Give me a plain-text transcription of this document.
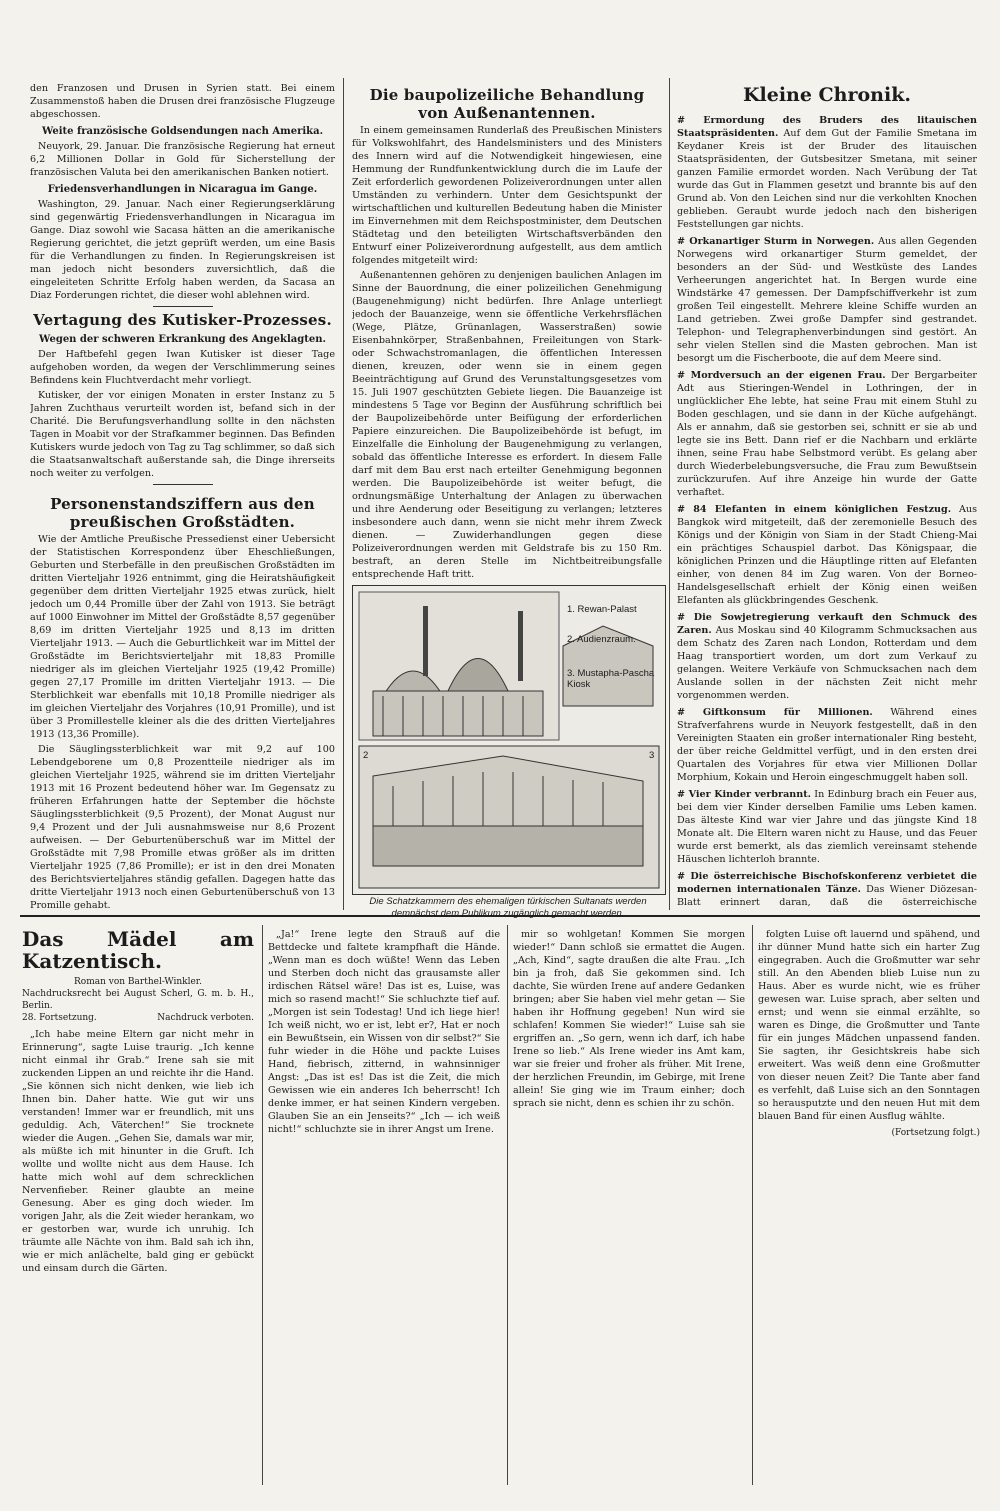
den Franzosen und Drusen in Syrien statt. Bei einem Zusammenstoß haben die Drusen drei französische Flugzeuge abgeschossen.

Weite französische Goldsendungen nach Amerika.

Neuyork, 29. Januar. Die französische Regierung hat erneut 6,2 Millionen Dollar in Gold für Sicherstellung der französischen Valuta bei den amerikanischen Banken notiert.

Friedensverhandlungen in Nicaragua im Gange.

Washington, 29. Januar. Nach einer Regierungserklärung sind gegenwärtig Friedensverhandlungen in Nicaragua im Gange. Diaz sowohl wie Sacasa hätten an die amerikanische Regierung gerichtet, die jetzt geprüft werden, um eine Basis für die Verhandlungen zu finden. In Regierungskreisen ist man jedoch nicht besonders zuversichtlich, daß die eingeleiteten Schritte Erfolg haben werden, da Sacasa an Diaz Forderungen richtet, die dieser wohl ablehnen wird.

Vertagung des Kutisker-Prozesses.
Wegen der schweren Erkrankung des Angeklagten.

Der Haftbefehl gegen Iwan Kutisker ist dieser Tage aufgehoben worden, da wegen der Verschlimmerung seines Befindens kein Fluchtverdacht mehr vorliegt.

Kutisker, der vor einigen Monaten in erster Instanz zu 5 Jahren Zuchthaus verurteilt worden ist, befand sich in der Charité. Die Berufungsverhandlung sollte in den nächsten Tagen in Moabit vor der Strafkammer beginnen. Das Befinden Kutiskers wurde jedoch von Tag zu Tag schlimmer, so daß sich die Staatsanwaltschaft außerstande sah, die Dinge ihrerseits noch weiter zu verfolgen.

Personenstandsziffern aus den preußischen Großstädten.

Wie der Amtliche Preußische Pressedienst einer Uebersicht der Statistischen Korrespondenz über Eheschließungen, Geburten und Sterbefälle in den preußischen Großstädten im dritten Vierteljahr 1926 entnimmt, ging die Heiratshäufigkeit gegenüber dem dritten Vierteljahr 1925 etwas zurück, hielt jedoch um 0,44 Promille über der Zahl von 1913. Sie beträgt auf 1000 Einwohner im Mittel der Großstädte 8,57 gegenüber 8,69 im dritten Vierteljahr 1925 und 8,13 im dritten Vierteljahr 1913. — Auch die Geburtlichkeit war im Mittel der Großstädte im Berichtsvierteljahr mit 18,83 Promille niedriger als im gleichen Vierteljahr 1925 (19,42 Promille) gegen 27,17 Promille im dritten Vierteljahr 1913. — Die Sterblichkeit war ebenfalls mit 10,18 Promille niedriger als im gleichen Vierteljahr des Vorjahres (10,91 Promille), und ist über 3 Promillestelle kleiner als die des dritten Vierteljahres 1913 (13,36 Promille).

Die Säuglingssterblichkeit war mit 9,2 auf 100 Lebendgeborene um 0,8 Prozentteile niedriger als im gleichen Vierteljahr 1925, während sie im dritten Vierteljahr 1913 mit 16 Prozent bedeutend höher war. Im Gegensatz zu früheren Erfahrungen hatte der September die höchste Säuglingssterblichkeit (9,5 Prozent), der Monat August nur 9,4 Prozent und der Juli ausnahmsweise nur 8,6 Prozent aufweisen. — Der Geburtenüberschuß war im Mittel der Großstädte mit 7,98 Promille etwas größer als im dritten Vierteljahr 1925 (7,86 Promille); er ist in den drei Monaten des Berichtsvierteljahres ständig gefallen. Dagegen hatte das dritte Vierteljahr 1913 noch einen Geburtenüberschuß von 13 Promille gehabt.

Die baupolizeiliche Behandlung von Außenantennen.

In einem gemeinsamen Runderlaß des Preußischen Ministers für Volkswohlfahrt, des Handelsministers und des Ministers des Innern wird auf die Notwendigkeit hingewiesen, eine Hemmung der Rundfunkentwicklung durch die im Laufe der Zeit erforderlich gewordenen Polizeiverordnungen unter allen Umständen zu verhindern. Unter dem Gesichtspunkt der wirtschaftlichen und kulturellen Bedeutung haben die Minister im Einvernehmen mit dem Reichspostminister, dem Deutschen Städtetag und den beteiligten Wirtschaftsverbänden den Entwurf einer Polizeiverordnung aufgestellt, aus dem amtlich folgendes mitgeteilt wird:

Außenantennen gehören zu denjenigen baulichen Anlagen im Sinne der Bauordnung, die einer polizeilichen Genehmigung (Baugenehmigung) nicht bedürfen. Ihre Anlage unterliegt jedoch der Bauanzeige, wenn sie öffentliche Verkehrsflächen (Wege, Plätze, Grünanlagen, Wasserstraßen) sowie Eisenbahnkörper, Straßenbahnen, Freileitungen von Stark- oder Schwachstromanlagen, die öffentlichen Interessen dienen, kreuzen, oder wenn sie in einem gegen Beeinträchtigung auf Grund des Verunstaltungsgesetzes vom 15. Juli 1907 geschützten Gebiete liegen. Die Bauanzeige ist mindestens 5 Tage vor Beginn der Ausführung schriftlich bei der Baupolizeibehörde unter Beifügung der erforderlichen Papiere einzureichen. Die Baupolizeibehörde ist befugt, im Einzelfalle die Einholung der Baugenehmigung zu verlangen, sobald das öffentliche Interesse es erfordert. In diesem Falle darf mit dem Bau erst nach erteilter Genehmigung begonnen werden. Die Baupolizeibehörde ist weiter befugt, die ordnungsmäßige Unterhaltung der Anlagen zu überwachen und ihre Aenderung oder Beseitigung zu verlangen; letzteres insbesondere auch dann, wenn sie nicht mehr ihrem Zweck dienen. — Zuwiderhandlungen gegen diese Polizeiverordnungen werden mit Geldstrafe bis zu 150 Rm. bestraft, an deren Stelle im Nichtbeitreibungsfalle entsprechende Haft tritt.

1. Rewan-Palast
2. Audienzraum.
3. Mustapha-Pascha Kiosk
2	3
Die Schatzkammern des ehemaligen türkischen Sultanats werden demnächst dem Publikum zugänglich gemacht werden.
Kleine Chronik.
# Ermordung des Bruders des litauischen Staatspräsidenten. Auf dem Gut der Familie Smetana im Keydaner Kreis ist der Bruder des litauischen Staatspräsidenten, der Gutsbesitzer Smetana, mit seiner ganzen Familie ermordet worden. Nach Verübung der Tat wurde das Gut in Flammen gesetzt und brannte bis auf den Grund ab. Von den Leichen sind nur die verkohlten Knochen geblieben. Geraubt wurde jedoch nach den bisherigen Feststellungen gar nichts.
# Orkanartiger Sturm in Norwegen. Aus allen Gegenden Norwegens wird orkanartiger Sturm gemeldet, der besonders an der Süd- und Westküste des Landes Verheerungen angerichtet hat. In Bergen wurde eine Windstärke 47 gemessen. Der Dampfschiffverkehr ist zum großen Teil eingestellt. Mehrere kleine Schiffe wurden an Land getrieben. Zwei große Dampfer sind gestrandet. Telephon- und Telegraphenverbindungen sind gestört. An sehr vielen Stellen sind die Masten gebrochen. Man ist besorgt um die Fischerboote, die auf dem Meere sind.
# Mordversuch an der eigenen Frau. Der Bergarbeiter Adt aus Stieringen-Wendel in Lothringen, der in unglücklicher Ehe lebte, hat seine Frau mit einem Stuhl zu Boden geschlagen, und sie dann in der Küche aufgehängt. Als er annahm, daß sie gestorben sei, schnitt er sie ab und legte sie ins Bett. Dann rief er die Nachbarn und erklärte ihnen, seine Frau habe Selbstmord verübt. Es gelang aber durch Wiederbelebungsversuche, die Frau zum Bewußtsein zurückzurufen. Auf ihre Anzeige hin wurde der Gatte verhaftet.
# 84 Elefanten in einem königlichen Festzug. Aus Bangkok wird mitgeteilt, daß der zeremonielle Besuch des Königs und der Königin von Siam in der Stadt Chieng-Mai ein prächtiges Schauspiel darbot. Das Königspaar, die königlichen Prinzen und die Häuptlinge ritten auf Elefanten einher, von denen 84 im Zug waren. Von der Borneo-Handelsgesellschaft erhielt der König einen weißen Elefanten als glückbringendes Geschenk.
# Die Sowjetregierung verkauft den Schmuck des Zaren. Aus Moskau sind 40 Kilogramm Schmucksachen aus dem Schatz des Zaren nach London, Rotterdam und dem Haag transportiert worden, um dort zum Verkauf zu gelangen. Weitere Verkäufe von Schmucksachen nach dem Auslande sollen in der nächsten Zeit nicht mehr vorgenommen werden.
# Giftkonsum für Millionen. Während eines Strafverfahrens wurde in Neuyork festgestellt, daß in den Vereinigten Staaten ein großer internationaler Ring besteht, der über reiche Geldmittel verfügt, und in den ersten drei Quartalen des Vorjahres für etwa vier Millionen Dollar Morphium, Kokain und Heroin eingeschmuggelt haben soll.
# Vier Kinder verbrannt. In Edinburg brach ein Feuer aus, bei dem vier Kinder derselben Familie ums Leben kamen. Das älteste Kind war vier Jahre und das jüngste Kind 18 Monate alt. Die Eltern waren nicht zu Hause, und das Feuer wurde erst bemerkt, als das ziemlich vereinsamt stehende Häuschen lichterloh brannte.
# Die österreichische Bischofskonferenz verbietet die modernen internationalen Tänze. Das Wiener Diözesan-Blatt erinnert daran, daß die österreichische
Das Mädel am Katzentisch.
Roman von Barthel-Winkler.
Nachdrucksrecht bei August Scherl, G. m. b. H., Berlin.
28. Fortsetzung.	Nachdruck verboten.

„Ich habe meine Eltern gar nicht mehr in Erinnerung“, sagte Luise traurig. „Ich kenne nicht einmal ihr Grab.“ Irene sah sie mit zuckenden Lippen an und reichte ihr die Hand. „Sie können sich nicht denken, wie lieb ich Ihnen bin. Daher hatte. Wie gut wir uns verstanden! Immer war er freundlich, mit uns geduldig. Ach, Väterchen!“ Sie trocknete wieder die Augen. „Gehen Sie, damals war mir, als müßte ich mit hinunter in die Gruft. Ich wollte und wollte nicht aus dem Hause. Ich hatte mich wohl auf dem schrecklichen Nervenfieber. Reiner glaubte an meine Genesung. Aber es ging doch wieder. Im vorigen Jahr, als die Zeit wieder herankam, wo er gestorben war, wurde ich unruhig. Ich träumte alle Nächte von ihm. Bald sah ich ihn, wie er mich anlächelte, bald ging er gebückt und einsam durch die Gärten.

„Ja!“ Irene legte den Strauß auf die Bettdecke und faltete krampfhaft die Hände. „Wenn man es doch wüßte! Wenn das Leben und Sterben doch nicht das grausamste aller irdischen Rätsel wäre! Das ist es, Luise, was mich so rasend macht!“ Sie schluchzte tief auf. „Morgen ist sein Todestag! Und ich liege hier! Ich weiß nicht, wo er ist, lebt er?, Hat er noch ein Bewußtsein, ein Wissen von dir selbst?“ Sie fuhr wieder in die Höhe und packte Luises Hand, fiebrisch, zitternd, in wahnsinniger Angst: „Das ist es! Das ist die Zeit, die mich Gewissen wie ein anderes Ich beherrscht! Ich denke immer, er hat seinen Kindern vergeben. Glauben Sie an ein Jenseits?“ „Ich — ich weiß nicht!“ schluchzte sie in ihrer Angst um Irene.

mir so wohlgetan! Kommen Sie morgen wieder!“ Dann schloß sie ermattet die Augen. „Ach, Kind“, sagte draußen die alte Frau. „Ich bin ja froh, daß Sie gekommen sind. Ich dachte, Sie würden Irene auf andere Gedanken bringen; aber Sie haben viel mehr getan — Sie haben ihr Hoffnung gegeben! Nun wird sie schlafen! Kommen Sie wieder!“ Luise sah sie ergriffen an. „So gern, wenn ich darf, ich habe Irene so lieb.“ Als Irene wieder ins Amt kam, war sie freier und froher als früher. Mit Irene, der herzlichen Freundin, im Gebirge, mit Irene allein! Sie ging wie im Traum einher; doch sprach sie nicht, denn es schien ihr zu schön.

folgten Luise oft lauernd und spähend, und ihr dünner Mund hatte sich ein harter Zug eingegraben. Auch die Großmutter war sehr still. An den Abenden blieb Luise nun zu Haus. Aber es wurde nicht, wie es früher gewesen war. Luise sprach, aber selten und ernst; und wenn sie einmal erzählte, so waren es Dinge, die Großmutter und Tante für ein junges Mädchen unpassend fanden. Sie sagten, ihr Gesichtskreis habe sich erweitert. Was weiß denn eine Großmutter von dieser neuen Zeit? Die Tante aber fand es verfehlt, daß Luise sich an den Sonntagen so herausputzte und den neuen Hut mit dem blauen Band für einen Ausflug wählte.

(Fortsetzung folgt.)
